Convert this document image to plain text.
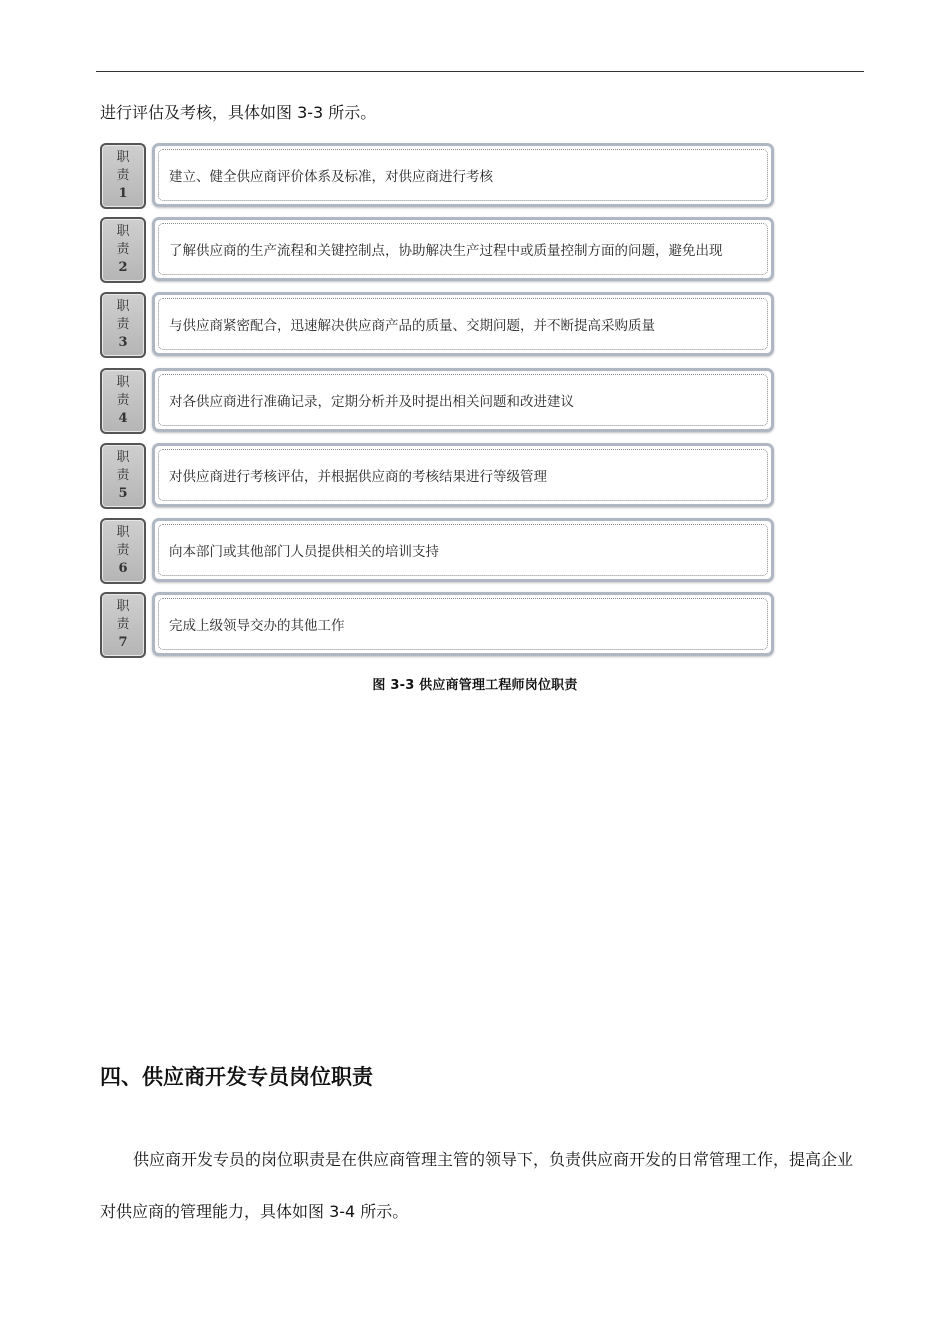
进行评估及考核，具体如图 3-3 所示。
职
责
1
建立、健全供应商评价体系及标准，对供应商进行考核
职
责
2
了解供应商的生产流程和关键控制点，协助解决生产过程中或质量控制方面的问题，避免出现
职
责
3
与供应商紧密配合，迅速解决供应商产品的质量、交期问题，并不断提高采购质量
职
责
4
对各供应商进行准确记录，定期分析并及时提出相关问题和改进建议
职
责
5
对供应商进行考核评估，并根据供应商的考核结果进行等级管理
职
责
6
向本部门或其他部门人员提供相关的培训支持
职
责
7
完成上级领导交办的其他工作
图 3-3 供应商管理工程师岗位职责
四、供应商开发专员岗位职责
供应商开发专员的岗位职责是在供应商管理主管的领导下，负责供应商开发的日常管理工作，提高企业对供应商的管理能力，具体如图 3-4 所示。
